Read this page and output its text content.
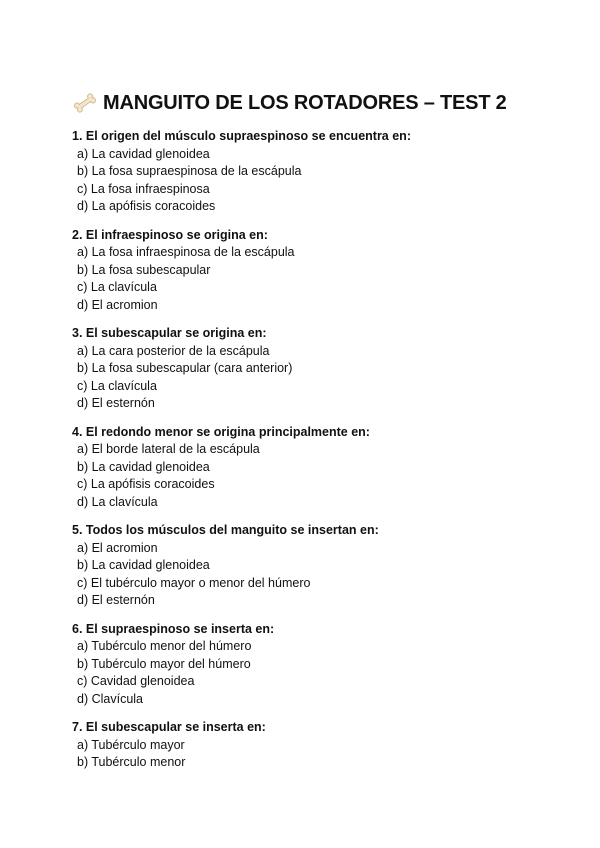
MANGUITO DE LOS ROTADORES – TEST 2
1. El origen del músculo supraespinoso se encuentra en:
a) La cavidad glenoidea
b) La fosa supraespinosa de la escápula
c) La fosa infraespinosa
d) La apófisis coracoides
2. El infraespinoso se origina en:
a) La fosa infraespinosa de la escápula
b) La fosa subescapular
c) La clavícula
d) El acromion
3. El subescapular se origina en:
a) La cara posterior de la escápula
b) La fosa subescapular (cara anterior)
c) La clavícula
d) El esternón
4. El redondo menor se origina principalmente en:
a) El borde lateral de la escápula
b) La cavidad glenoidea
c) La apófisis coracoides
d) La clavícula
5. Todos los músculos del manguito se insertan en:
a) El acromion
b) La cavidad glenoidea
c) El tubérculo mayor o menor del húmero
d) El esternón
6. El supraespinoso se inserta en:
a) Tubérculo menor del húmero
b) Tubérculo mayor del húmero
c) Cavidad glenoidea
d) Clavícula
7. El subescapular se inserta en:
a) Tubérculo mayor
b) Tubérculo menor
